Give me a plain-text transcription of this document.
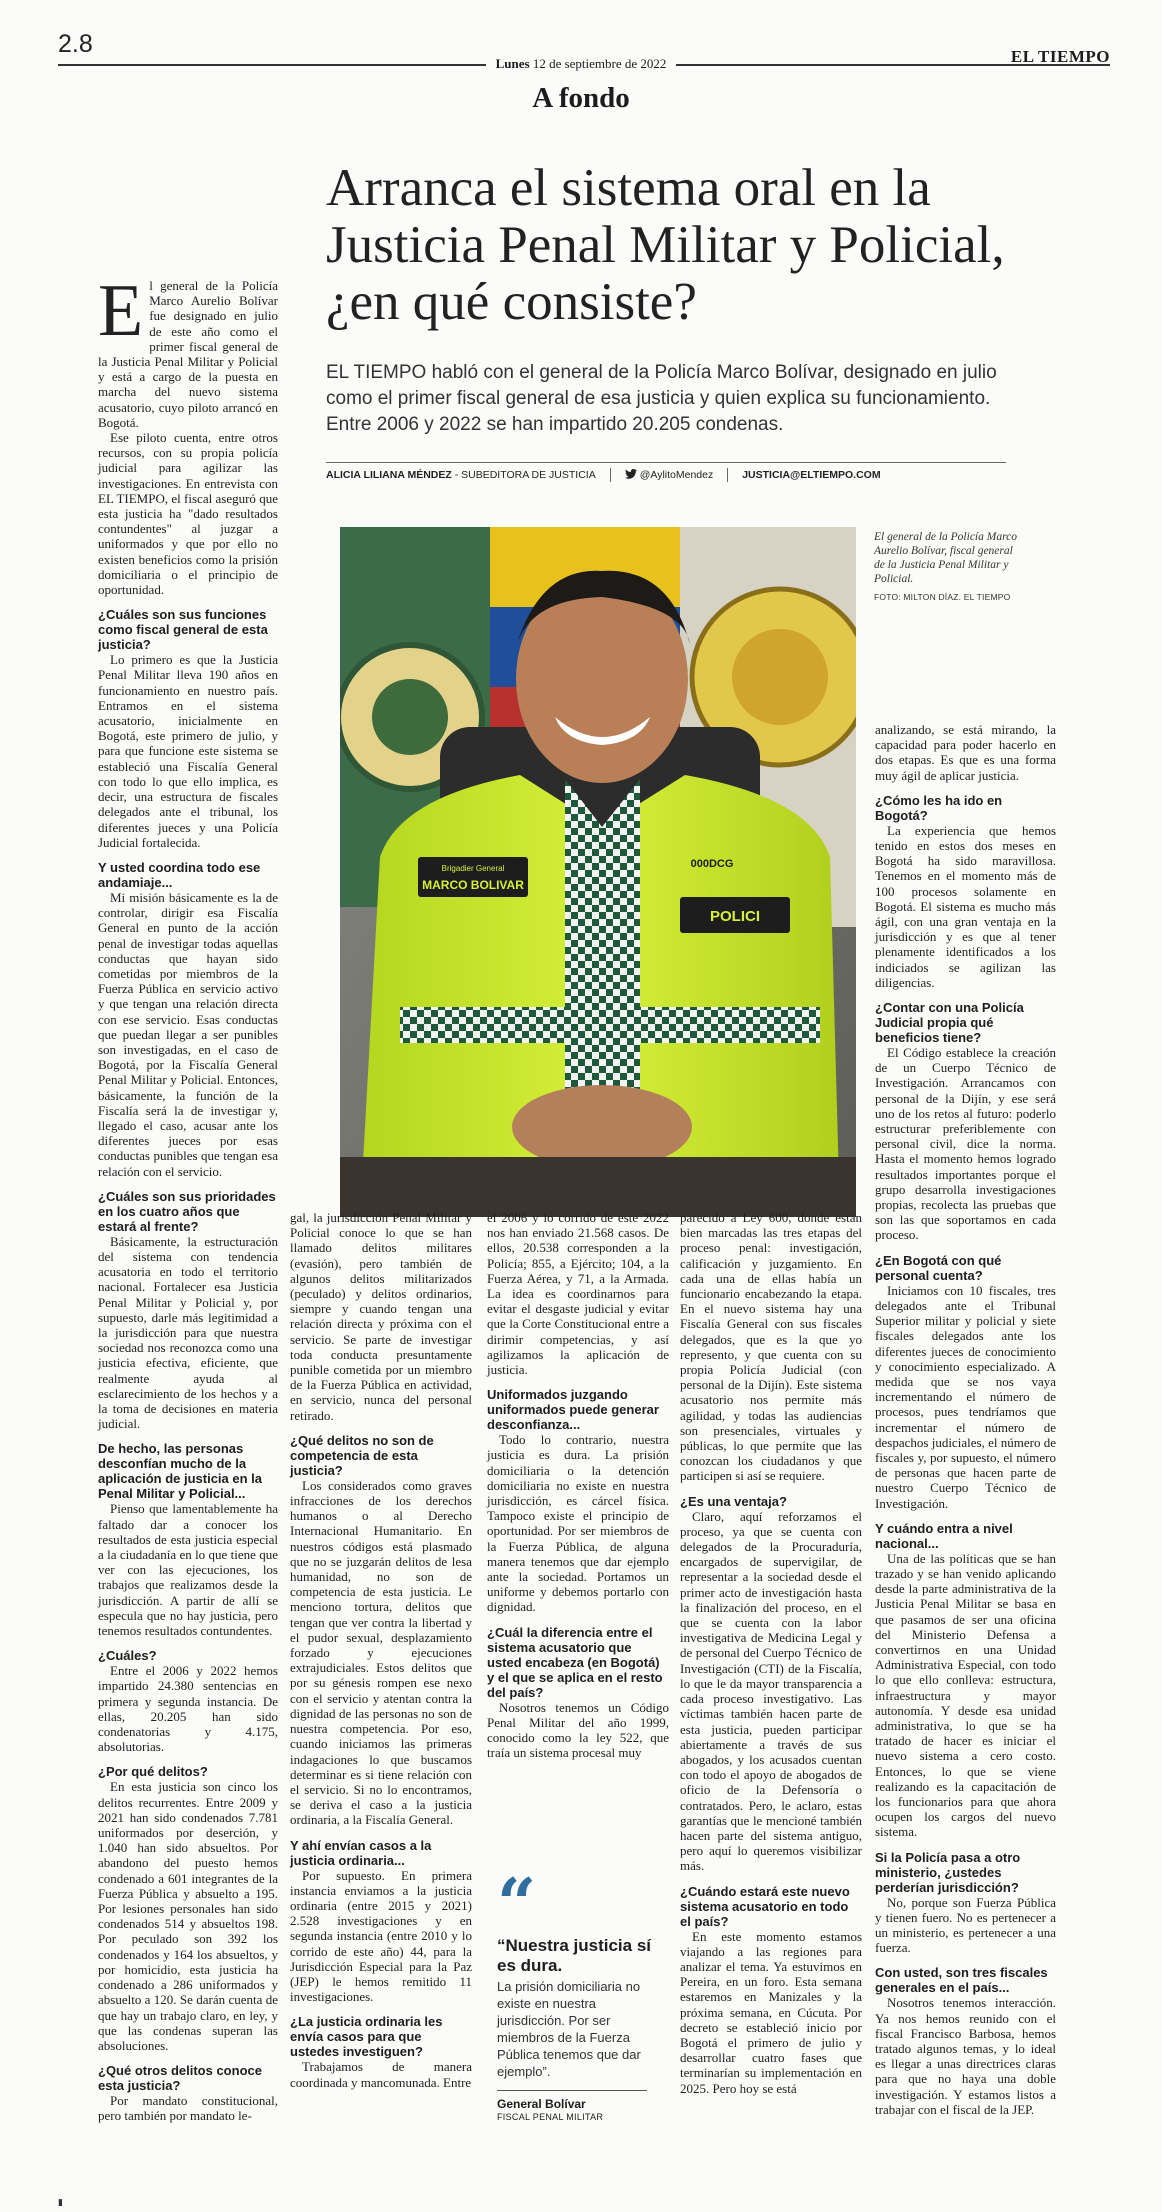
2.8
Lunes 12 de septiembre de 2022	EL TIEMPO
A fondo
Arranca el sistema oral en la Justicia Penal Militar y Policial, ¿en qué consiste?
EL TIEMPO habló con el general de la Policía Marco Bolívar, designado en julio como el primer fiscal general de esa justicia y quien explica su funcionamiento. Entre 2006 y 2022 se han impartido 20.205 condenas.
ALICIA LILIANA MÉNDEZ - SUBEDITORA DE JUSTICIA	@AylitoMendez	JUSTICIA@ELTIEMPO.COM
Brigadier General
MARCO BOLIVAR
POLICI
000DCG
El general de la Policía Marco Aurelio Bolívar, fiscal general de la Justicia Penal Militar y Policial.
FOTO: MILTON DÍAZ. EL TIEMPO
E l general de la Policía Marco Aurelio Bolívar fue designado en julio de este año como el primer fiscal general de la Justicia Penal Militar y Policial y está a cargo de la puesta en marcha del nuevo sistema acusatorio, cuyo piloto arrancó en Bogotá.

Ese piloto cuenta, entre otros recursos, con su propia policía judicial para agilizar las investigaciones. En entrevista con EL TIEMPO, el fiscal aseguró que esta justicia ha "dado resultados contundentes" al juzgar a uniformados y que por ello no existen beneficios como la prisión domiciliaria o el principio de oportunidad.

¿Cuáles son sus funciones como fiscal general de esta justicia?

Lo primero es que la Justicia Penal Militar lleva 190 años en funcionamiento en nuestro país. Entramos en el sistema acusatorio, inicialmente en Bogotá, este primero de julio, y para que funcione este sistema se estableció una Fiscalía General con todo lo que ello implica, es decir, una estructura de fiscales delegados ante el tribunal, los diferentes jueces y una Policía Judicial fortalecida.

Y usted coordina todo ese andamiaje...

Mi misión básicamente es la de controlar, dirigir esa Fiscalía General en punto de la acción penal de investigar todas aquellas conductas que hayan sido cometidas por miembros de la Fuerza Pública en servicio activo y que tengan una relación directa con ese servicio. Esas conductas que puedan llegar a ser punibles son investigadas, en el caso de Bogotá, por la Fiscalía General Penal Militar y Policial. Entonces, básicamente, la función de la Fiscalía será la de investigar y, llegado el caso, acusar ante los diferentes jueces por esas conductas punibles que tengan esa relación con el servicio.

¿Cuáles son sus prioridades en los cuatro años que estará al frente?

Básicamente, la estructuración del sistema con tendencia acusatoria en todo el territorio nacional. Fortalecer esa Justicia Penal Militar y Policial y, por supuesto, darle más legitimidad a la jurisdicción para que nuestra sociedad nos reconozca como una justicia efectiva, eficiente, que realmente ayuda al esclarecimiento de los hechos y a la toma de decisiones en materia judicial.

De hecho, las personas desconfían mucho de la aplicación de justicia en la Penal Militar y Policial...

Pienso que lamentablemente ha faltado dar a conocer los resultados de esta justicia especial a la ciudadanía en lo que tiene que ver con las ejecuciones, los trabajos que realizamos desde la jurisdicción. A partir de allí se especula que no hay justicia, pero tenemos resultados contundentes.

¿Cuáles?

Entre el 2006 y 2022 hemos impartido 24.380 sentencias en primera y segunda instancia. De ellas, 20.205 han sido condenatorias y 4.175, absolutorias.

¿Por qué delitos?

En esta justicia son cinco los delitos recurrentes. Entre 2009 y 2021 han sido condenados 7.781 uniformados por deserción, y 1.040 han sido absueltos. Por abandono del puesto hemos condenado a 601 integrantes de la Fuerza Pública y absuelto a 195. Por lesiones personales han sido condenados 514 y absueltos 198. Por peculado son 392 los condenados y 164 los absueltos, y por homicidio, esta justicia ha condenado a 286 uniformados y absuelto a 120. Se darán cuenta de que hay un trabajo claro, en ley, y que las condenas superan las absoluciones.

¿Qué otros delitos conoce esta justicia?

Por mandato constitucional, pero también por mandato le-

gal, la jurisdicción Penal Militar y Policial conoce lo que se han llamado delitos militares (evasión), pero también de algunos delitos militarizados (peculado) y delitos ordinarios, siempre y cuando tengan una relación directa y próxima con el servicio. Se parte de investigar toda conducta presuntamente punible cometida por un miembro de la Fuerza Pública en actividad, en servicio, nunca del personal retirado.

¿Qué delitos no son de competencia de esta justicia?

Los considerados como graves infracciones de los derechos humanos o al Derecho Internacional Humanitario. En nuestros códigos está plasmado que no se juzgarán delitos de lesa humanidad, no son de competencia de esta justicia. Le menciono tortura, delitos que tengan que ver contra la libertad y el pudor sexual, desplazamiento forzado y ejecuciones extrajudiciales. Estos delitos que por su génesis rompen ese nexo con el servicio y atentan contra la dignidad de las personas no son de nuestra competencia. Por eso, cuando iniciamos las primeras indagaciones lo que buscamos determinar es si tiene relación con el servicio. Si no lo encontramos, se deriva el caso a la justicia ordinaria, a la Fiscalía General.

Y ahí envían casos a la justicia ordinaria...

Por supuesto. En primera instancia enviamos a la justicia ordinaria (entre 2015 y 2021) 2.528 investigaciones y en segunda instancia (entre 2010 y lo corrido de este año) 44, para la Jurisdicción Especial para la Paz (JEP) le hemos remitido 11 investigaciones.

¿La justicia ordinaria les envía casos para que ustedes investiguen?

Trabajamos de manera coordinada y mancomunada. Entre

el 2006 y lo corrido de este 2022 nos han enviado 21.568 casos. De ellos, 20.538 corresponden a la Policía; 855, a Ejército; 104, a la Fuerza Aérea, y 71, a la Armada. La idea es coordinarnos para evitar el desgaste judicial y evitar que la Corte Constitucional entre a dirimir competencias, y así agilizamos la aplicación de justicia.

Uniformados juzgando uniformados puede generar desconfianza...

Todo lo contrario, nuestra justicia es dura. La prisión domiciliaria o la detención domiciliaria no existe en nuestra jurisdicción, es cárcel física. Tampoco existe el principio de oportunidad. Por ser miembros de la Fuerza Pública, de alguna manera tenemos que dar ejemplo ante la sociedad. Portamos un uniforme y debemos portarlo con dignidad.

¿Cuál la diferencia entre el sistema acusatorio que usted encabeza (en Bogotá) y el que se aplica en el resto del país?

Nosotros tenemos un Código Penal Militar del año 1999, conocido como la ley 522, que traía un sistema procesal muy

“
“Nuestra justicia sí es dura.
La prisión domiciliaria no existe en nuestra jurisdicción. Por ser miembros de la Fuerza Pública tenemos que dar ejemplo”.
General Bolívar
FISCAL PENAL MILITAR

parecido a Ley 600, donde están bien marcadas las tres etapas del proceso penal: investigación, calificación y juzgamiento. En cada una de ellas había un funcionario encabezando la etapa. En el nuevo sistema hay una Fiscalía General con sus fiscales delegados, que es la que yo represento, y que cuenta con su propia Policía Judicial (con personal de la Dijín). Este sistema acusatorio nos permite más agilidad, y todas las audiencias son presenciales, virtuales y públicas, lo que permite que las conozcan los ciudadanos y que participen si así se requiere.

¿Es una ventaja?

Claro, aquí reforzamos el proceso, ya que se cuenta con delegados de la Procuraduría, encargados de supervigilar, de representar a la sociedad desde el primer acto de investigación hasta la finalización del proceso, en el que se cuenta con la labor investigativa de Medicina Legal y de personal del Cuerpo Técnico de Investigación (CTI) de la Fiscalía, lo que le da mayor transparencia a cada proceso investigativo. Las víctimas también hacen parte de esta justicia, pueden participar abiertamente a través de sus abogados, y los acusados cuentan con todo el apoyo de abogados de oficio de la Defensoría o contratados. Pero, le aclaro, estas garantías que le mencioné también hacen parte del sistema antiguo, pero aquí lo queremos visibilizar más.

¿Cuándo estará este nuevo sistema acusatorio en todo el país?

En este momento estamos viajando a las regiones para analizar el tema. Ya estuvimos en Pereira, en un foro. Esta semana estaremos en Manizales y la próxima semana, en Cúcuta. Por decreto se estableció inicio por Bogotá el primero de julio y desarrollar cuatro fases que terminarían su implementación en 2025. Pero hoy se está

analizando, se está mirando, la capacidad para poder hacerlo en dos etapas. Es que es una forma muy ágil de aplicar justicia.

¿Cómo les ha ido en Bogotá?

La experiencia que hemos tenido en estos dos meses en Bogotá ha sido maravillosa. Tenemos en el momento más de 100 procesos solamente en Bogotá. El sistema es mucho más ágil, con una gran ventaja en la jurisdicción y es que al tener plenamente identificados a los indiciados se agilizan las diligencias.

¿Contar con una Policía Judicial propia qué beneficios tiene?

El Código establece la creación de un Cuerpo Técnico de Investigación. Arrancamos con personal de la Dijín, y ese será uno de los retos al futuro: poderlo estructurar preferiblemente con personal civil, dice la norma. Hasta el momento hemos logrado resultados importantes porque el grupo desarrolla investigaciones propias, recolecta las pruebas que son las que soportamos en cada proceso.

¿En Bogotá con qué personal cuenta?

Iniciamos con 10 fiscales, tres delegados ante el Tribunal Superior militar y policial y siete fiscales delegados ante los diferentes jueces de conocimiento y conocimiento especializado. A medida que se nos vaya incrementando el número de procesos, pues tendríamos que incrementar el número de despachos judiciales, el número de fiscales y, por supuesto, el número de personas que hacen parte de nuestro Cuerpo Técnico de Investigación.

Y cuándo entra a nivel nacional...

Una de las políticas que se han trazado y se han venido aplicando desde la parte administrativa de la Justicia Penal Militar se basa en que pasamos de ser una oficina del Ministerio Defensa a convertirnos en una Unidad Administrativa Especial, con todo lo que ello conlleva: estructura, infraestructura y mayor autonomía. Y desde esa unidad administrativa, lo que se ha tratado de hacer es iniciar el nuevo sistema a cero costo. Entonces, lo que se viene realizando es la capacitación de los funcionarios para que ahora ocupen los cargos del nuevo sistema.

Si la Policía pasa a otro ministerio, ¿ustedes perderían jurisdicción?

No, porque son Fuerza Pública y tienen fuero. No es pertenecer a un ministerio, es pertenecer a una fuerza.

Con usted, son tres fiscales generales en el país...

Nosotros tenemos interacción. Ya nos hemos reunido con el fiscal Francisco Barbosa, hemos tratado algunos temas, y lo ideal es llegar a unas directrices claras para que no haya una doble investigación. Y estamos listos a trabajar con el fiscal de la JEP.

▮
